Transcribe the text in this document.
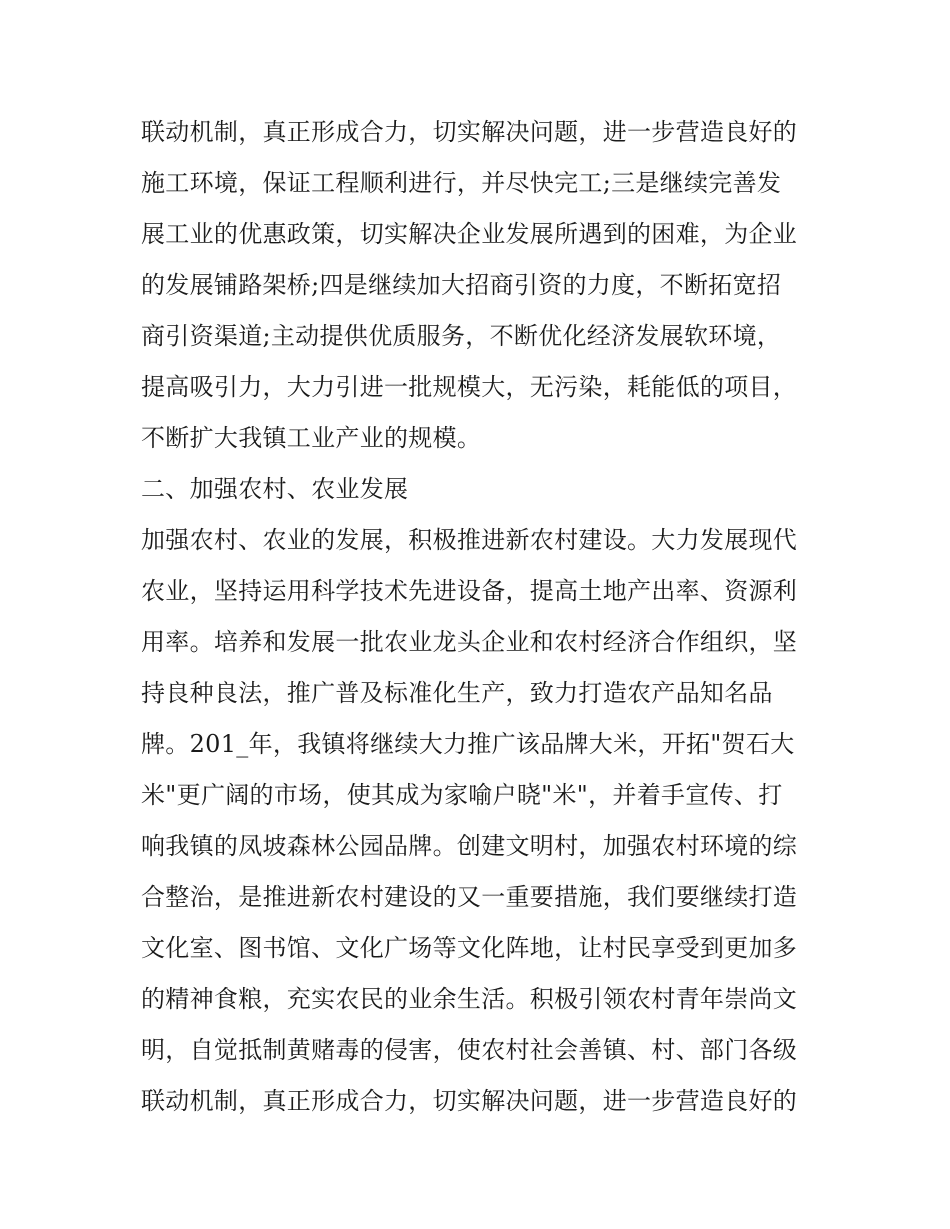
联动机制，真正形成合力，切实解决问题，进一步营造良好的
施工环境，保证工程顺利进行，并尽快完工;三是继续完善发
展工业的优惠政策，切实解决企业发展所遇到的困难，为企业
的发展铺路架桥;四是继续加大招商引资的力度，不断拓宽招
商引资渠道;主动提供优质服务，不断优化经济发展软环境，
提高吸引力，大力引进一批规模大，无污染，耗能低的项目，
不断扩大我镇工业产业的规模。
二、加强农村、农业发展
加强农村、农业的发展，积极推进新农村建设。大力发展现代
农业，坚持运用科学技术先进设备，提高土地产出率、资源利
用率。培养和发展一批农业龙头企业和农村经济合作组织，坚
持良种良法，推广普及标准化生产，致力打造农产品知名品
牌。201_年，我镇将继续大力推广该品牌大米，开拓"贺石大
米"更广阔的市场，使其成为家喻户晓"米"，并着手宣传、打
响我镇的凤坡森林公园品牌。创建文明村，加强农村环境的综
合整治，是推进新农村建设的又一重要措施，我们要继续打造
文化室、图书馆、文化广场等文化阵地，让村民享受到更加多
的精神食粮，充实农民的业余生活。积极引领农村青年崇尚文
明，自觉抵制黄赌毒的侵害，使农村社会善镇、村、部门各级
联动机制，真正形成合力，切实解决问题，进一步营造良好的
